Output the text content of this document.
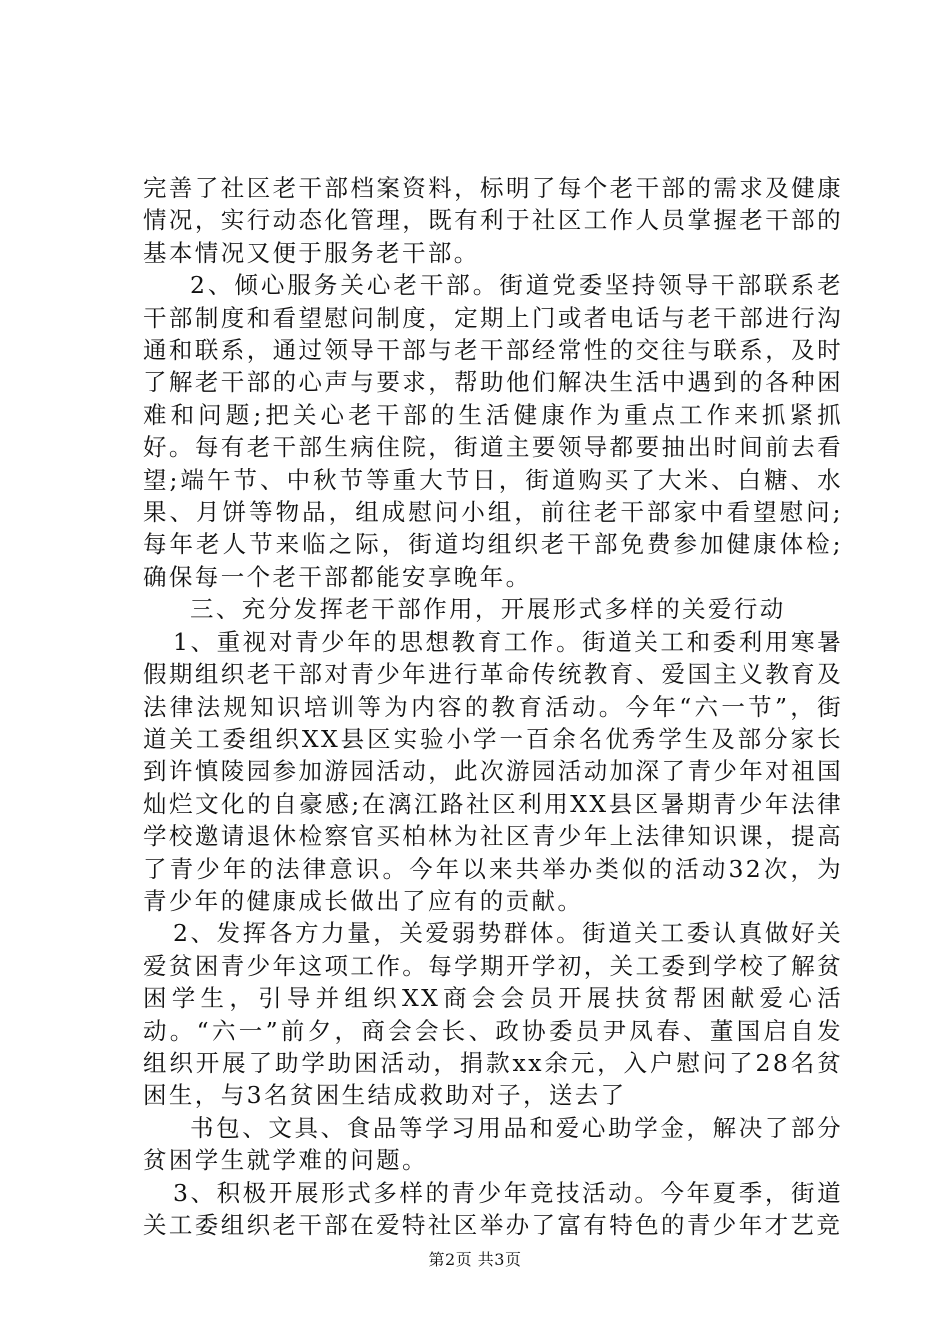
完善了社区老干部档案资料，标明了每个老干部的需求及健康情况，实行动态化管理，既有利于社区工作人员掌握老干部的基本情况又便于服务老干部。

2、倾心服务关心老干部。街道党委坚持领导干部联系老干部制度和看望慰问制度，定期上门或者电话与老干部进行沟通和联系，通过领导干部与老干部经常性的交往与联系，及时了解老干部的心声与要求，帮助他们解决生活中遇到的各种困难和问题;把关心老干部的生活健康作为重点工作来抓紧抓好。每有老干部生病住院，街道主要领导都要抽出时间前去看望;端午节、中秋节等重大节日，街道购买了大米、白糖、水果、月饼等物品，组成慰问小组，前往老干部家中看望慰问;每年老人节来临之际，街道均组织老干部免费参加健康体检;确保每一个老干部都能安享晚年。

三、充分发挥老干部作用，开展形式多样的关爱行动

1、重视对青少年的思想教育工作。街道关工和委利用寒暑假期组织老干部对青少年进行革命传统教育、爱国主义教育及法律法规知识培训等为内容的教育活动。今年“六一节”，街道关工委组织XX县区实验小学一百余名优秀学生及部分家长到许慎陵园参加游园活动，此次游园活动加深了青少年对祖国灿烂文化的自豪感;在漓江路社区利用XX县区暑期青少年法律学校邀请退休检察官买柏林为社区青少年上法律知识课，提高了青少年的法律意识。今年以来共举办类似的活动32次，为青少年的健康成长做出了应有的贡献。

2、发挥各方力量，关爱弱势群体。街道关工委认真做好关爱贫困青少年这项工作。每学期开学初，关工委到学校了解贫困学生，引导并组织XX商会会员开展扶贫帮困献爱心活动。“六一”前夕，商会会长、政协委员尹凤春、董国启自发组织开展了助学助困活动，捐款xx余元，入户慰问了28名贫困生，与3名贫困生结成救助对子，送去了

书包、文具、食品等学习用品和爱心助学金，解决了部分贫困学生就学难的问题。

3、积极开展形式多样的青少年竞技活动。今年夏季，街道关工委组织老干部在爱特社区举办了富有特色的青少年才艺竞

第2页 共3页
